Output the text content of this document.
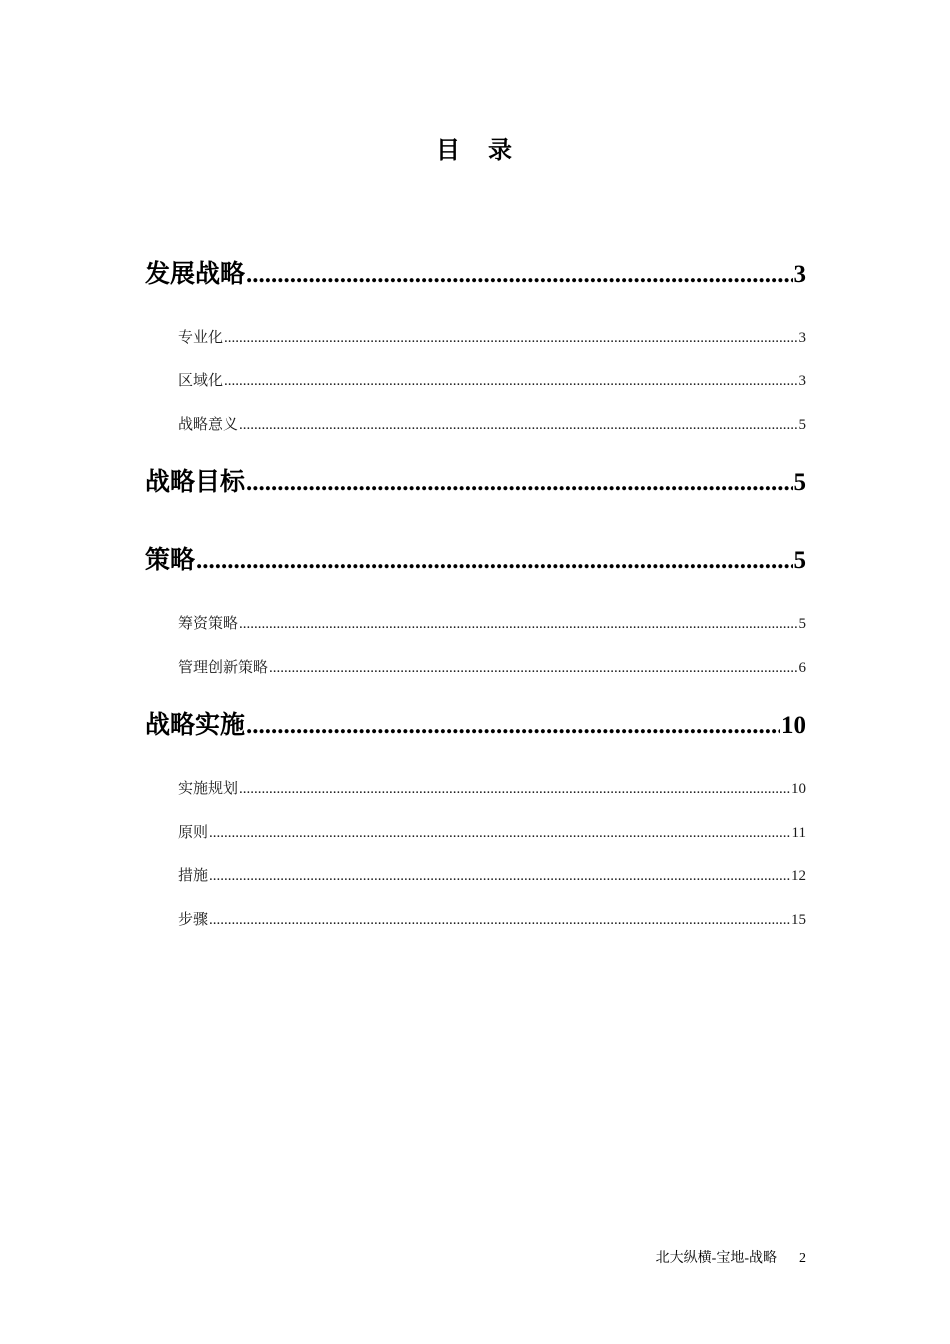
目　录
发展战略 .....	3
专业化 .....	3
区域化 .....	3
战略意义 .....	5
战略目标 .....	5
策略 .....	5
筹资策略 .....	5
管理创新策略 .....	6
战略实施 .....	10
实施规划 .....	10
原则 .....	11
措施 .....	12
步骤 .....	15
北大纵横-宝地-战略 2
